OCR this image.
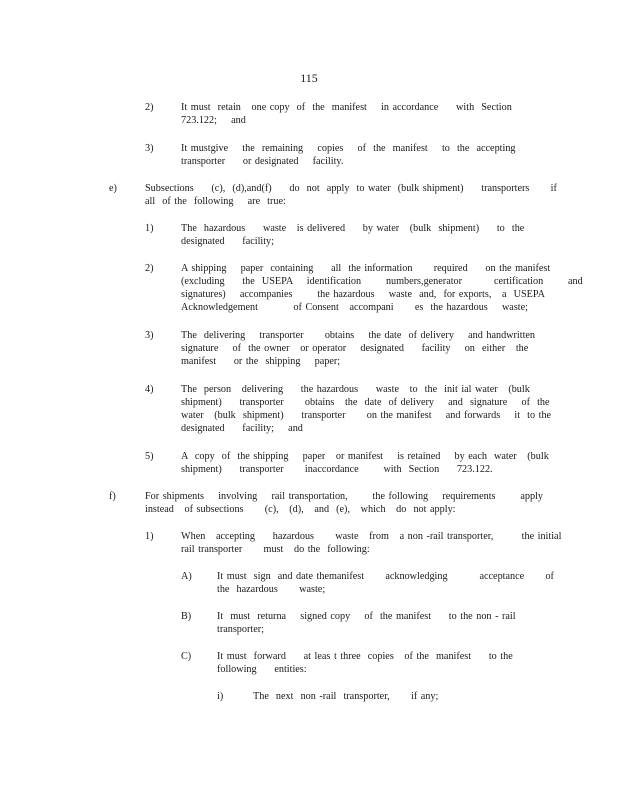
115
2)	It must  retain   one copy  of  the  manifest    in accordance     with  Section
723.122;    and
3)	It mustgive    the  remaining    copies    of  the  manifest    to  the  accepting
transporter     or designated    facility.
e)	Subsections     (c),  (d),and(f)     do  not  apply  to water  (bulk shipment)     transporters      if
all  of the  following    are  true:
1)	The  hazardous     waste   is delivered     by water   (bulk  shipment)     to  the
designated     facility;
2)	A shipping    paper  containing     all  the information      required     on the manifest
(excluding     the  USEPA    identification       numbers,generator         certification       and
signatures)    accompanies       the hazardous    waste  and,  for exports,   a  USEPA
Acknowledgement          of Consent   accompani      es  the hazardous    waste;
3)	The  delivering    transporter      obtains    the date  of delivery    and handwritten
signature    of  the owner   or operator    designated     facility    on  either   the
manifest     or the  shipping    paper;
4)	The  person   delivering     the hazardous     waste   to  the  init ial water   (bulk
shipment)     transporter      obtains   the  date  of delivery    and  signature    of  the
water   (bulk  shipment)     transporter      on the manifest    and forwards    it  to the
designated     facility;    and
5)	A  copy  of  the shipping    paper   or manifest    is retained    by each  water   (bulk
shipment)     transporter      inaccordance       with  Section     723.122.
f)	For shipments    involving    rail transportation,       the following    requirements       apply
instead   of subsections      (c),   (d),   and  (e),   which   do  not apply:
1)	When   accepting     hazardous      waste   from   a non -rail transporter,        the initial
rail transporter      must   do the  following:
A) It must  sign  and date themanifest      acknowledging         acceptance      of
the  hazardous      waste;
B)	It  must  returna    signed copy    of  the manifest     to the non - rail
transporter;
C)	It must  forward     at leas t three  copies   of the  manifest     to the
following     entities:
i)	The  next  non -rail  transporter,      if any;
